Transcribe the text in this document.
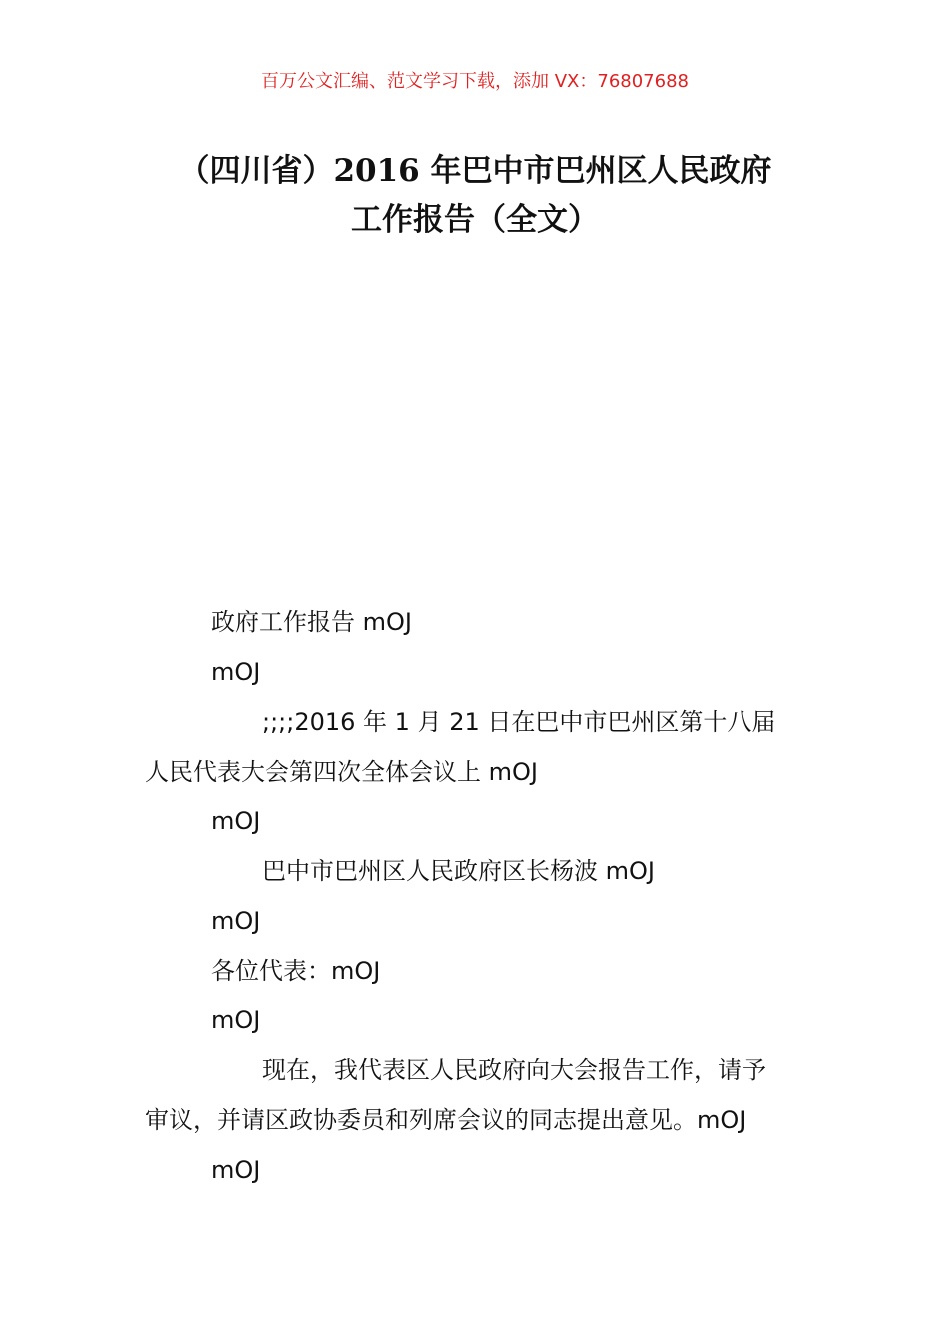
百万公文汇编、范文学习下载，添加 VX：76807688
（四川省）2016 年巴中市巴州区人民政府
工作报告（全文）
政府工作报告 mOJ
mOJ
;;;;2016 年 1 月 21 日在巴中市巴州区第十八届
人民代表大会第四次全体会议上 mOJ
mOJ
巴中市巴州区人民政府区长杨波 mOJ
mOJ
各位代表：mOJ
mOJ
现在，我代表区人民政府向大会报告工作，请予
审议，并请区政协委员和列席会议的同志提出意见。mOJ
mOJ
